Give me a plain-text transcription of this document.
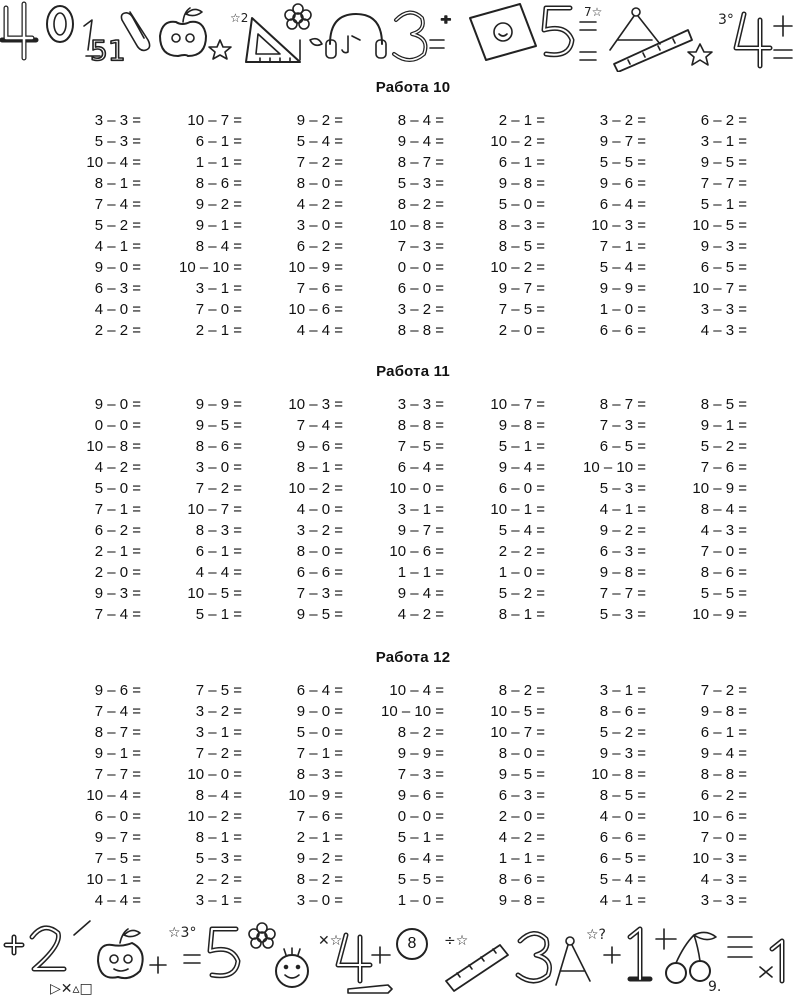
51
☆2	÷	7☆	3°
Работа 10
3 – 3 =	10 – 7 =	9 – 2 =	8 – 4 =	2 – 1 =	3 – 2 =	6 – 2 =
5 – 3 =	6 – 1 =	5 – 4 =	9 – 4 =	10 – 2 =	9 – 7 =	3 – 1 =
10 – 4 =	1 – 1 =	7 – 2 =	8 – 7 =	6 – 1 =	5 – 5 =	9 – 5 =
8 – 1 =	8 – 6 =	8 – 0 =	5 – 3 =	9 – 8 =	9 – 6 =	7 – 7 =
7 – 4 =	9 – 2 =	4 – 2 =	8 – 2 =	5 – 0 =	6 – 4 =	5 – 1 =
5 – 2 =	9 – 1 =	3 – 0 =	10 – 8 =	8 – 3 =	10 – 3 =	10 – 5 =
4 – 1 =	8 – 4 =	6 – 2 =	7 – 3 =	8 – 5 =	7 – 1 =	9 – 3 =
9 – 0 =	10 – 10 =	10 – 9 =	0 – 0 =	10 – 2 =	5 – 4 =	6 – 5 =
6 – 3 =	3 – 1 =	7 – 6 =	6 – 0 =	9 – 7 =	9 – 9 =	10 – 7 =
4 – 0 =	7 – 0 =	10 – 6 =	3 – 2 =	7 – 5 =	1 – 0 =	3 – 3 =
2 – 2 =	2 – 1 =	4 – 4 =	8 – 8 =	2 – 0 =	6 – 6 =	4 – 3 =
Работа 11
9 – 0 =	9 – 9 =	10 – 3 =	3 – 3 =	10 – 7 =	8 – 7 =	8 – 5 =
0 – 0 =	9 – 5 =	7 – 4 =	8 – 8 =	9 – 8 =	7 – 3 =	9 – 1 =
10 – 8 =	8 – 6 =	9 – 6 =	7 – 5 =	5 – 1 =	6 – 5 =	5 – 2 =
4 – 2 =	3 – 0 =	8 – 1 =	6 – 4 =	9 – 4 =	10 – 10 =	7 – 6 =
5 – 0 =	7 – 2 =	10 – 2 =	10 – 0 =	6 – 0 =	5 – 3 =	10 – 9 =
7 – 1 =	10 – 7 =	4 – 0 =	3 – 1 =	10 – 1 =	4 – 1 =	8 – 4 =
6 – 2 =	8 – 3 =	3 – 2 =	9 – 7 =	5 – 4 =	9 – 2 =	4 – 3 =
2 – 1 =	6 – 1 =	8 – 0 =	10 – 6 =	2 – 2 =	6 – 3 =	7 – 0 =
2 – 0 =	4 – 4 =	6 – 6 =	1 – 1 =	1 – 0 =	9 – 8 =	8 – 6 =
9 – 3 =	10 – 5 =	7 – 3 =	9 – 4 =	5 – 2 =	7 – 7 =	5 – 5 =
7 – 4 =	5 – 1 =	9 – 5 =	4 – 2 =	8 – 1 =	5 – 3 =	10 – 9 =
Работа 12
9 – 6 =	7 – 5 =	6 – 4 =	10 – 4 =	8 – 2 =	3 – 1 =	7 – 2 =
7 – 4 =	3 – 2 =	9 – 0 =	10 – 10 =	10 – 5 =	8 – 6 =	9 – 8 =
8 – 7 =	3 – 1 =	5 – 0 =	8 – 2 =	10 – 7 =	5 – 2 =	6 – 1 =
9 – 1 =	7 – 2 =	7 – 1 =	9 – 9 =	8 – 0 =	9 – 3 =	9 – 4 =
7 – 7 =	10 – 0 =	8 – 3 =	7 – 3 =	9 – 5 =	10 – 8 =	8 – 8 =
10 – 4 =	8 – 4 =	10 – 9 =	9 – 6 =	6 – 3 =	8 – 5 =	6 – 2 =
6 – 0 =	10 – 2 =	7 – 6 =	0 – 0 =	2 – 0 =	4 – 0 =	10 – 6 =
9 – 7 =	8 – 1 =	2 – 1 =	5 – 1 =	4 – 2 =	6 – 6 =	7 – 0 =
7 – 5 =	5 – 3 =	9 – 2 =	6 – 4 =	1 – 1 =	6 – 5 =	10 – 3 =
10 – 1 =	2 – 2 =	8 – 2 =	5 – 5 =	8 – 6 =	5 – 4 =	4 – 3 =
4 – 4 =	3 – 1 =	3 – 0 =	1 – 0 =	9 – 8 =	4 – 1 =	3 – 3 =
▷✕▵□
☆3°	✕☆	÷☆	☆?
9.
8
